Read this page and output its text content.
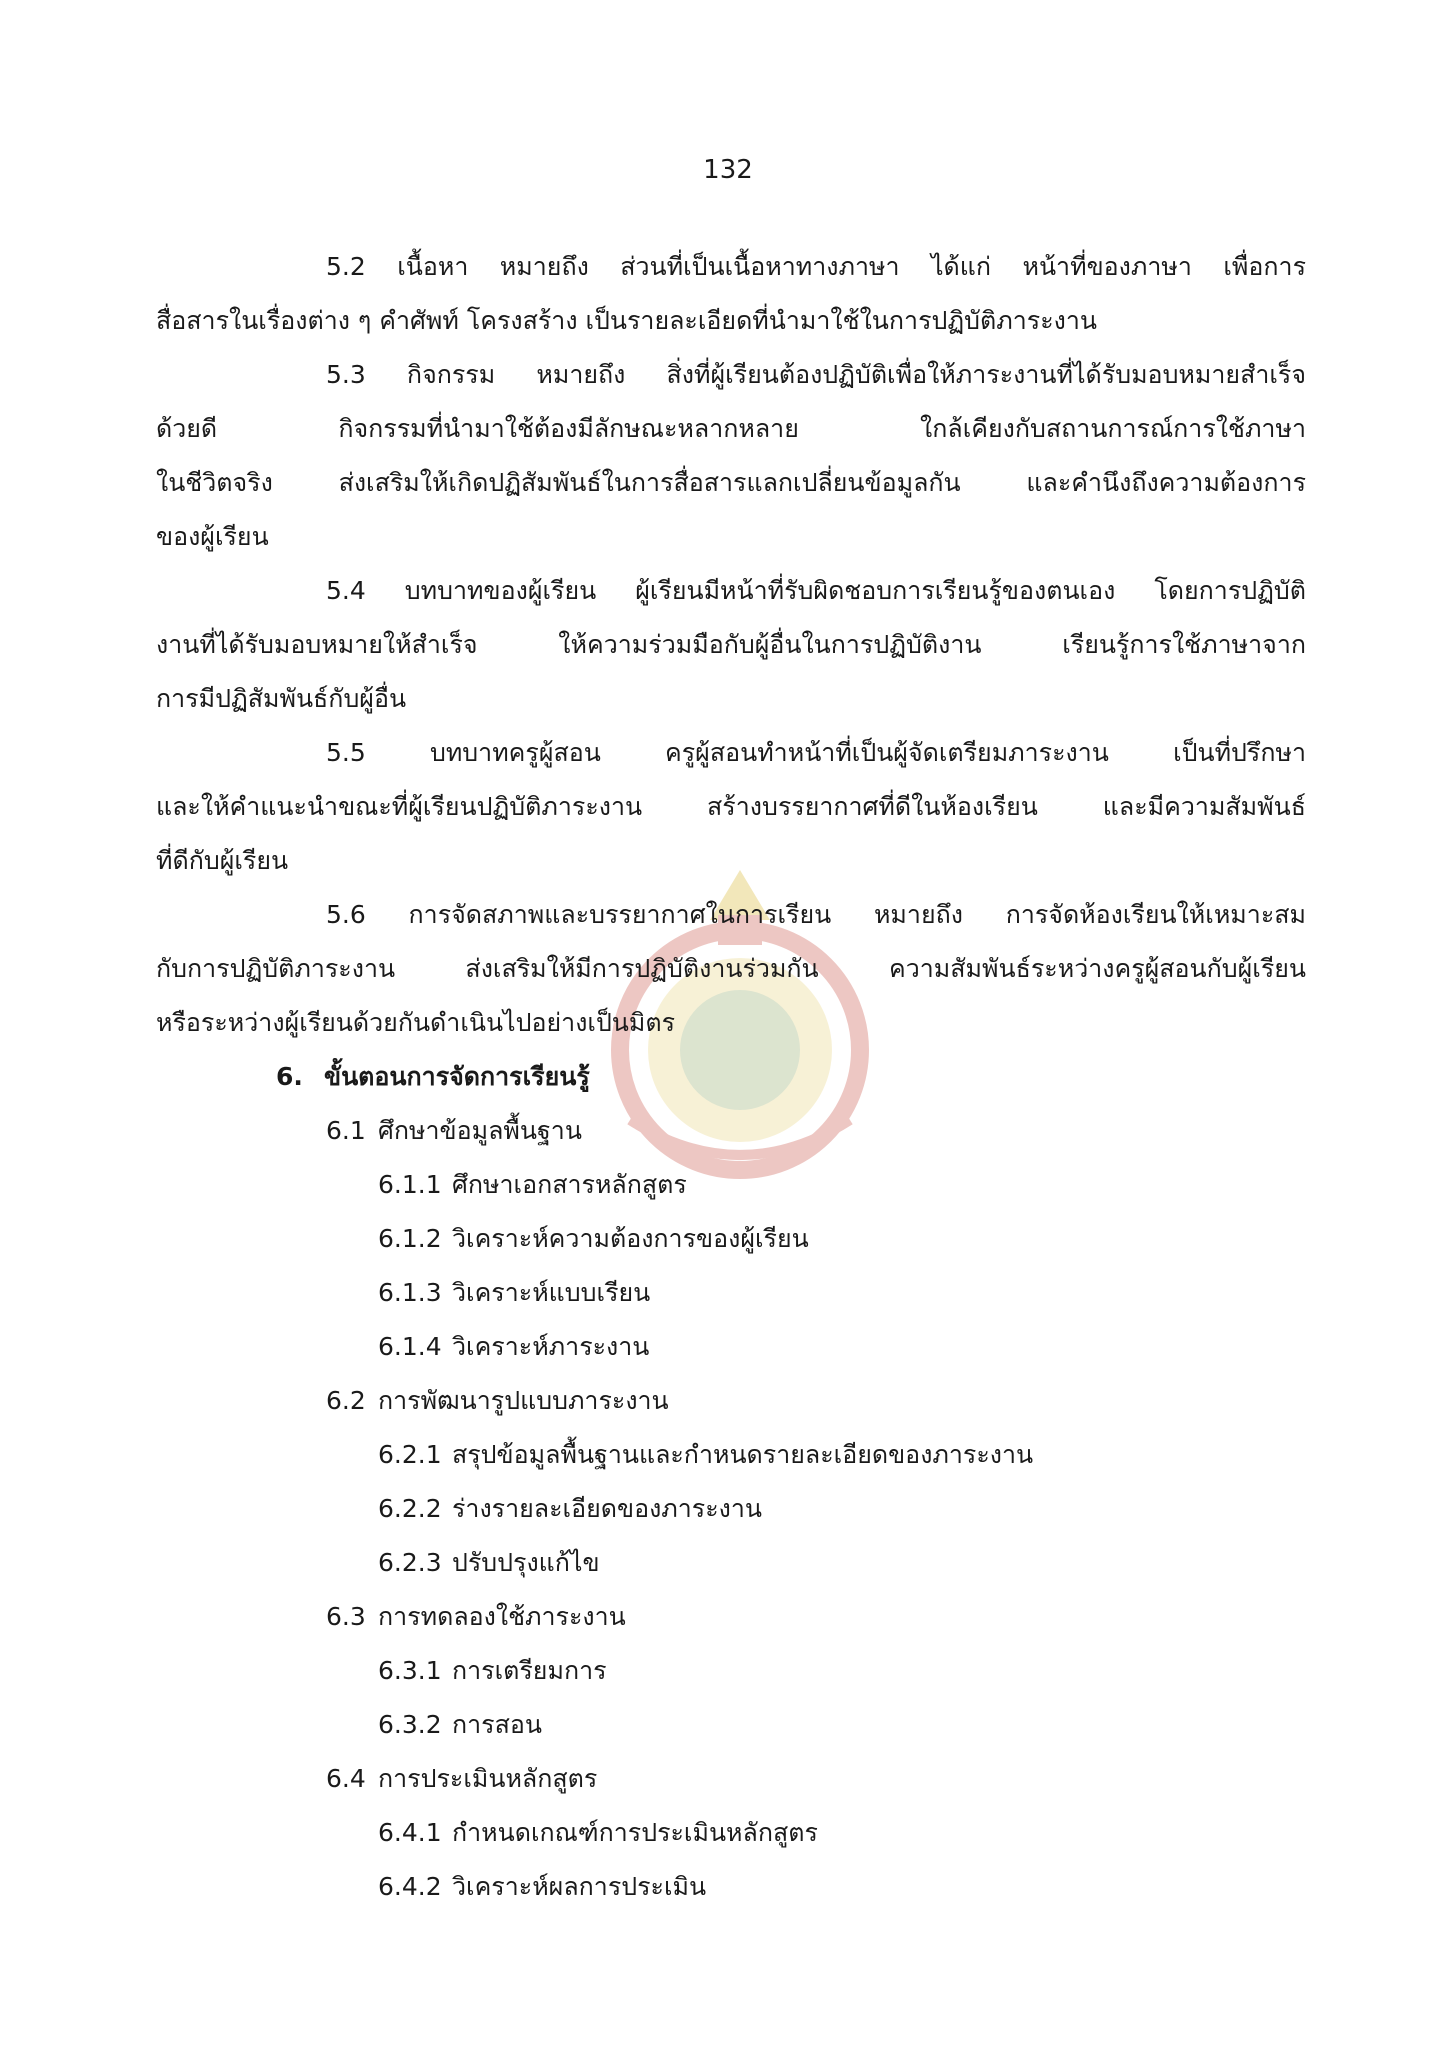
132
5.2 เนื้อหา หมายถึง ส่วนที่เป็นเนื้อหาทางภาษา ได้แก่ หน้าที่ของภาษา เพื่อการ
สื่อสารในเรื่องต่าง ๆ คำศัพท์ โครงสร้าง เป็นรายละเอียดที่นำมาใช้ในการปฏิบัติภาระงาน
5.3 กิจกรรม หมายถึง สิ่งที่ผู้เรียนต้องปฏิบัติเพื่อให้ภาระงานที่ได้รับมอบหมายสำเร็จ
ด้วยดี กิจกรรมที่นำมาใช้ต้องมีลักษณะหลากหลาย ใกล้เคียงกับสถานการณ์การใช้ภาษา
ในชีวิตจริง ส่งเสริมให้เกิดปฏิสัมพันธ์ในการสื่อสารแลกเปลี่ยนข้อมูลกัน และคำนึงถึงความต้องการ
ของผู้เรียน
5.4 บทบาทของผู้เรียน ผู้เรียนมีหน้าที่รับผิดชอบการเรียนรู้ของตนเอง โดยการปฏิบัติ
งานที่ได้รับมอบหมายให้สำเร็จ ให้ความร่วมมือกับผู้อื่นในการปฏิบัติงาน เรียนรู้การใช้ภาษาจาก
การมีปฏิสัมพันธ์กับผู้อื่น
5.5 บทบาทครูผู้สอน ครูผู้สอนทำหน้าที่เป็นผู้จัดเตรียมภาระงาน เป็นที่ปรึกษา
และให้คำแนะนำขณะที่ผู้เรียนปฏิบัติภาระงาน สร้างบรรยากาศที่ดีในห้องเรียน และมีความสัมพันธ์
ที่ดีกับผู้เรียน
5.6 การจัดสภาพและบรรยากาศในการเรียน หมายถึง การจัดห้องเรียนให้เหมาะสม
กับการปฏิบัติภาระงาน ส่งเสริมให้มีการปฏิบัติงานร่วมกัน ความสัมพันธ์ระหว่างครูผู้สอนกับผู้เรียน
หรือระหว่างผู้เรียนด้วยกันดำเนินไปอย่างเป็นมิตร
6. ขั้นตอนการจัดการเรียนรู้
6.1 ศึกษาข้อมูลพื้นฐาน
6.1.1 ศึกษาเอกสารหลักสูตร
6.1.2 วิเคราะห์ความต้องการของผู้เรียน
6.1.3 วิเคราะห์แบบเรียน
6.1.4 วิเคราะห์ภาระงาน
6.2 การพัฒนารูปแบบภาระงาน
6.2.1 สรุปข้อมูลพื้นฐานและกำหนดรายละเอียดของภาระงาน
6.2.2 ร่างรายละเอียดของภาระงาน
6.2.3 ปรับปรุงแก้ไข
6.3 การทดลองใช้ภาระงาน
6.3.1 การเตรียมการ
6.3.2 การสอน
6.4 การประเมินหลักสูตร
6.4.1 กำหนดเกณฑ์การประเมินหลักสูตร
6.4.2 วิเคราะห์ผลการประเมิน
